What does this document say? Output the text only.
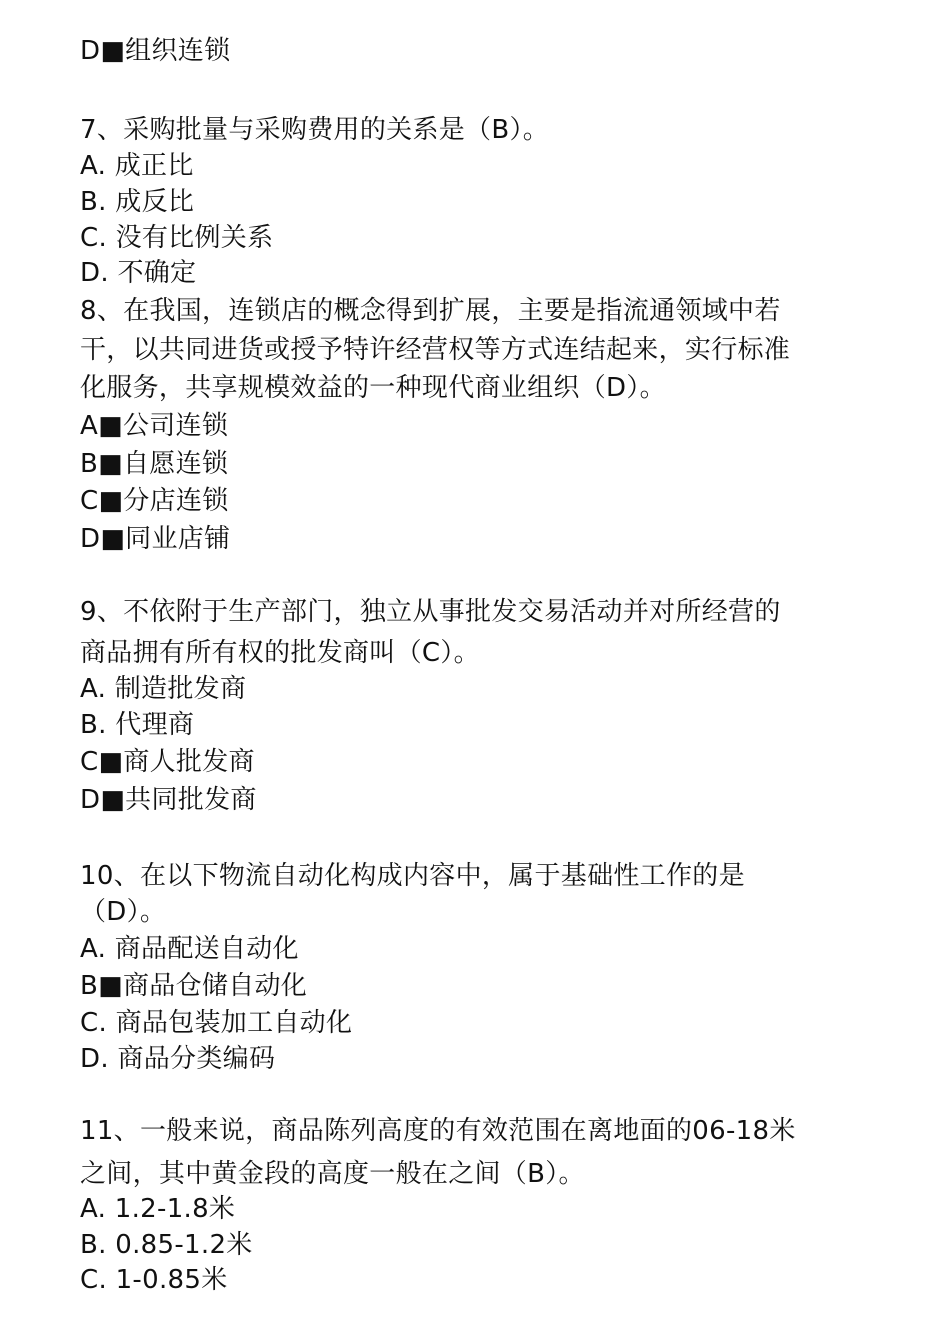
D■组织连锁
7、采购批量与采购费用的关系是（B）。
A. 成正比
B. 成反比
C. 没有比例关系
D. 不确定
8、在我国，连锁店的概念得到扩展，主要是指流通领域中若
干，以共同进货或授予特许经营权等方式连结起来，实行标准
化服务，共享规模效益的一种现代商业组织（D）。
A■公司连锁
B■自愿连锁
C■分店连锁
D■同业店铺
9、不依附于生产部门，独立从事批发交易活动并对所经营的
商品拥有所有权的批发商叫（C）。
A. 制造批发商
B. 代理商
C■商人批发商
D■共同批发商
10、在以下物流自动化构成内容中，属于基础性工作的是
（D）。
A. 商品配送自动化
B■商品仓储自动化
C. 商品包装加工自动化
D. 商品分类编码
11、一般来说，商品陈列高度的有效范围在离地面的06-18米
之间，其中黄金段的高度一般在之间（B）。
A. 1.2-1.8米
B. 0.85-1.2米
C. 1-0.85米
